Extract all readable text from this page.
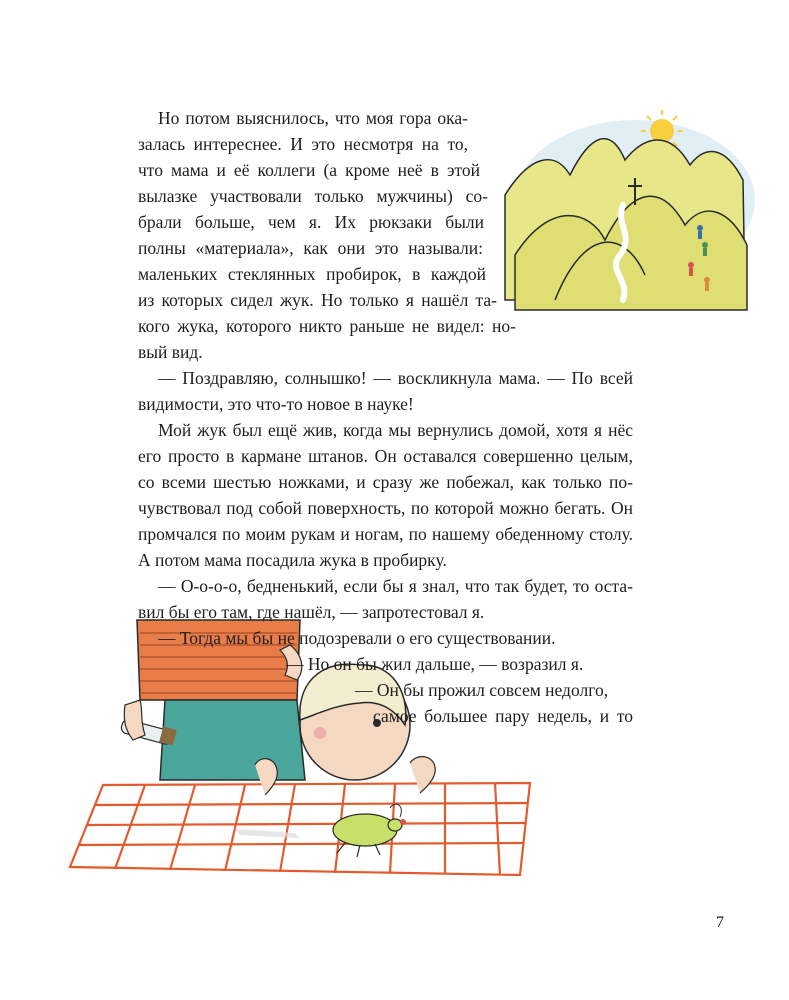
Но потом выяснилось, что моя гора ока-
залась интереснее. И это несмотря на то,
что мама и её коллеги (а кроме неё в этой
вылазке участвовали только мужчины) со-
брали больше, чем я. Их рюкзаки были
полны «материала», как они это называли:
маленьких стеклянных пробирок, в каждой
из которых сидел жук. Но только я нашёл та-
кого жука, которого никто раньше не видел: но-
вый вид.
— Поздравляю, солнышко! — воскликнула мама. — По всей
видимости, это что-то новое в науке!
Мой жук был ещё жив, когда мы вернулись домой, хотя я нёс
его просто в кармане штанов. Он оставался совершенно целым,
со всеми шестью ножками, и сразу же побежал, как только по-
чувствовал под собой поверхность, по которой можно бегать. Он
промчался по моим рукам и ногам, по нашему обеденному столу.
А потом мама посадила жука в пробирку.
— О-о-о-о, бедненький, если бы я знал, что так будет, то оста-
вил бы его там, где нашёл, — запротестовал я.
— Тогда мы бы не подозревали о его существовании.
— Но он бы жил дальше, — возразил я.
— Он бы прожил совсем недолго,
самое большее пару недель, и то
7
